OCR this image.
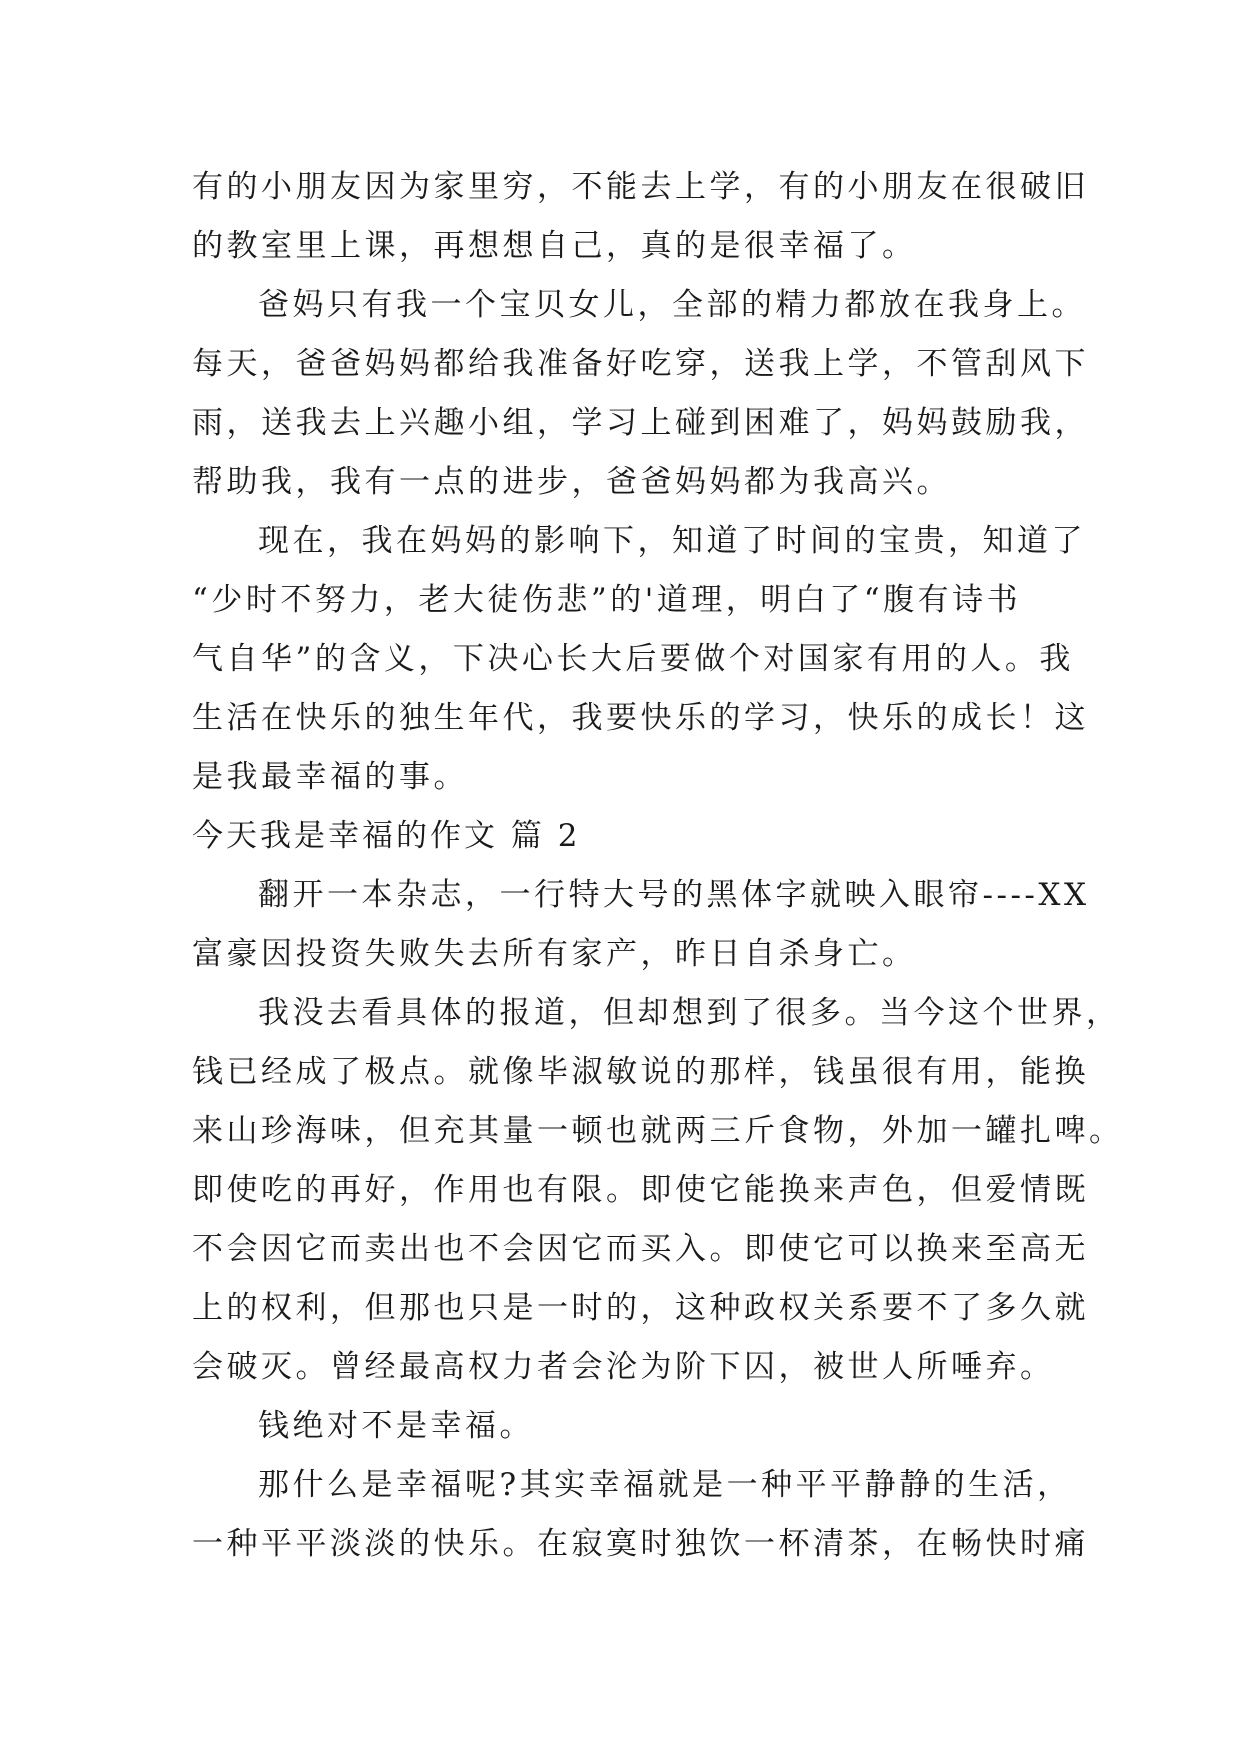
有的小朋友因为家里穷，不能去上学，有的小朋友在很破旧
的教室里上课，再想想自己，真的是很幸福了。
爸妈只有我一个宝贝女儿，全部的精力都放在我身上。
每天，爸爸妈妈都给我准备好吃穿，送我上学，不管刮风下
雨，送我去上兴趣小组，学习上碰到困难了，妈妈鼓励我，
帮助我，我有一点的进步，爸爸妈妈都为我高兴。
现在，我在妈妈的影响下，知道了时间的宝贵，知道了
“少时不努力，老大徒伤悲”的'道理，明白了“腹有诗书
气自华”的含义，下决心长大后要做个对国家有用的人。我
生活在快乐的独生年代，我要快乐的学习，快乐的成长！这
是我最幸福的事。
今天我是幸福的作文 篇 2
翻开一本杂志，一行特大号的黑体字就映入眼帘----XX
富豪因投资失败失去所有家产，昨日自杀身亡。
我没去看具体的报道，但却想到了很多。当今这个世界，
钱已经成了极点。就像毕淑敏说的那样，钱虽很有用，能换
来山珍海味，但充其量一顿也就两三斤食物，外加一罐扎啤。
即使吃的再好，作用也有限。即使它能换来声色，但爱情既
不会因它而卖出也不会因它而买入。即使它可以换来至高无
上的权利，但那也只是一时的，这种政权关系要不了多久就
会破灭。曾经最高权力者会沦为阶下囚，被世人所唾弃。
钱绝对不是幸福。
那什么是幸福呢?其实幸福就是一种平平静静的生活，
一种平平淡淡的快乐。在寂寞时独饮一杯清茶，在畅快时痛
